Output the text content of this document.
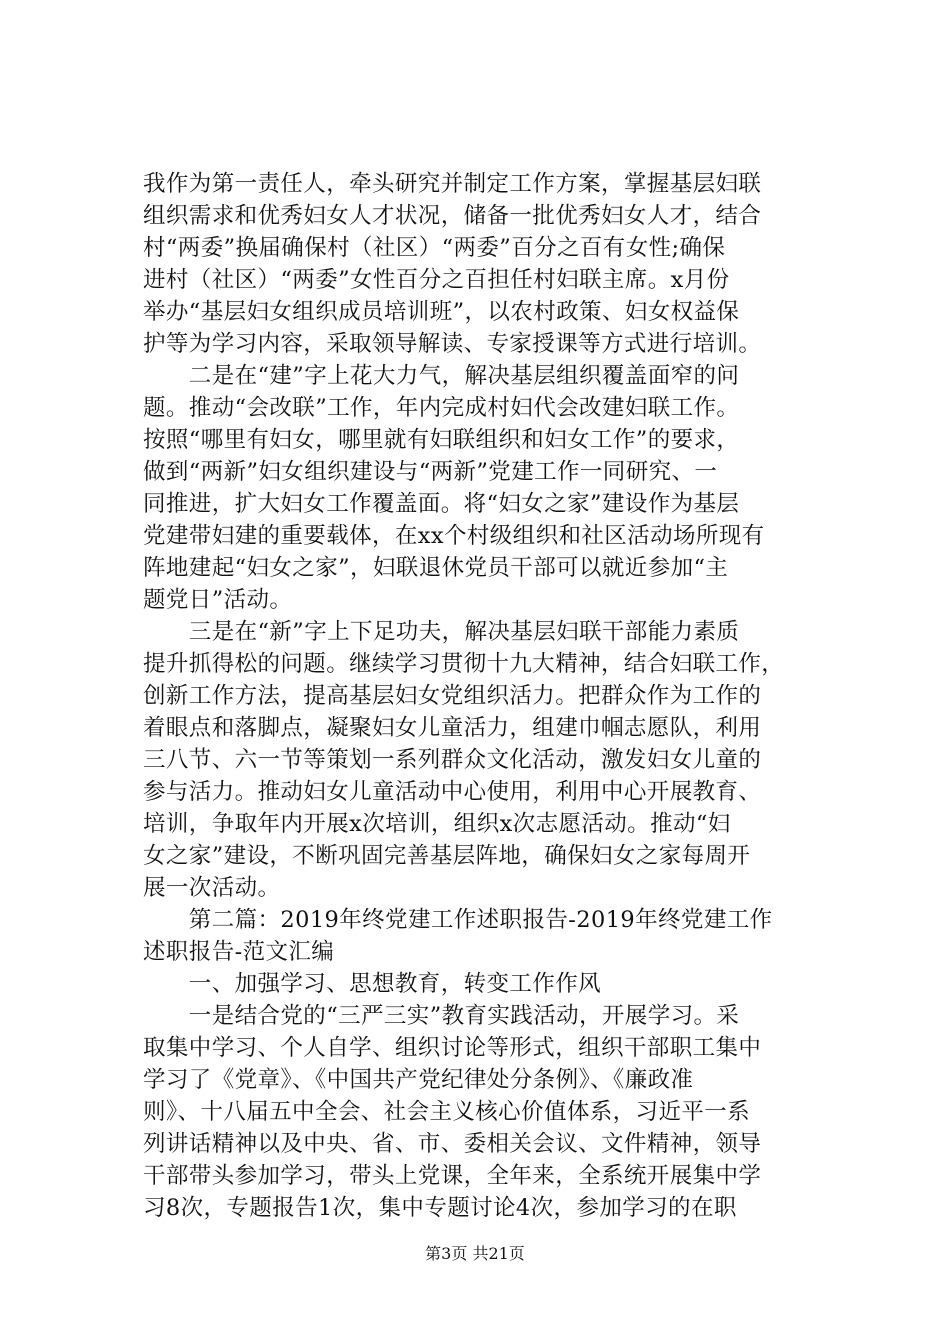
我作为第一责任人，牵头研究并制定工作方案，掌握基层妇联
组织需求和优秀妇女人才状况，储备一批优秀妇女人才，结合
村“两委”换届确保村（社区）“两委”百分之百有女性;确保
进村（社区）“两委”女性百分之百担任村妇联主席。x月份
举办“基层妇女组织成员培训班”，以农村政策、妇女权益保
护等为学习内容，采取领导解读、专家授课等方式进行培训。
　　二是在“建”字上花大力气，解决基层组织覆盖面窄的问
题。推动“会改联”工作，年内完成村妇代会改建妇联工作。
按照“哪里有妇女，哪里就有妇联组织和妇女工作”的要求，
做到“两新”妇女组织建设与“两新”党建工作一同研究、一
同推进，扩大妇女工作覆盖面。将“妇女之家”建设作为基层
党建带妇建的重要载体，在xx个村级组织和社区活动场所现有
阵地建起“妇女之家”，妇联退休党员干部可以就近参加“主
题党日”活动。
　　三是在“新”字上下足功夫，解决基层妇联干部能力素质
提升抓得松的问题。继续学习贯彻十九大精神，结合妇联工作，
创新工作方法，提高基层妇女党组织活力。把群众作为工作的
着眼点和落脚点，凝聚妇女儿童活力，组建巾帼志愿队，利用
三八节、六一节等策划一系列群众文化活动，激发妇女儿童的
参与活力。推动妇女儿童活动中心使用，利用中心开展教育、
培训，争取年内开展x次培训，组织x次志愿活动。推动“妇
女之家”建设，不断巩固完善基层阵地，确保妇女之家每周开
展一次活动。
　　第二篇：2019年终党建工作述职报告-2019年终党建工作
述职报告-范文汇编
　　一、加强学习、思想教育，转变工作作风
　　一是结合党的“三严三实”教育实践活动，开展学习。采
取集中学习、个人自学、组织讨论等形式，组织干部职工集中
学习了《党章》、《中国共产党纪律处分条例》、《廉政准
则》、十八届五中全会、社会主义核心价值体系，习近平一系
列讲话精神以及中央、省、市、委相关会议、文件精神，领导
干部带头参加学习，带头上党课，全年来，全系统开展集中学
习8次，专题报告1次，集中专题讨论4次，参加学习的在职
第3页 共21页
